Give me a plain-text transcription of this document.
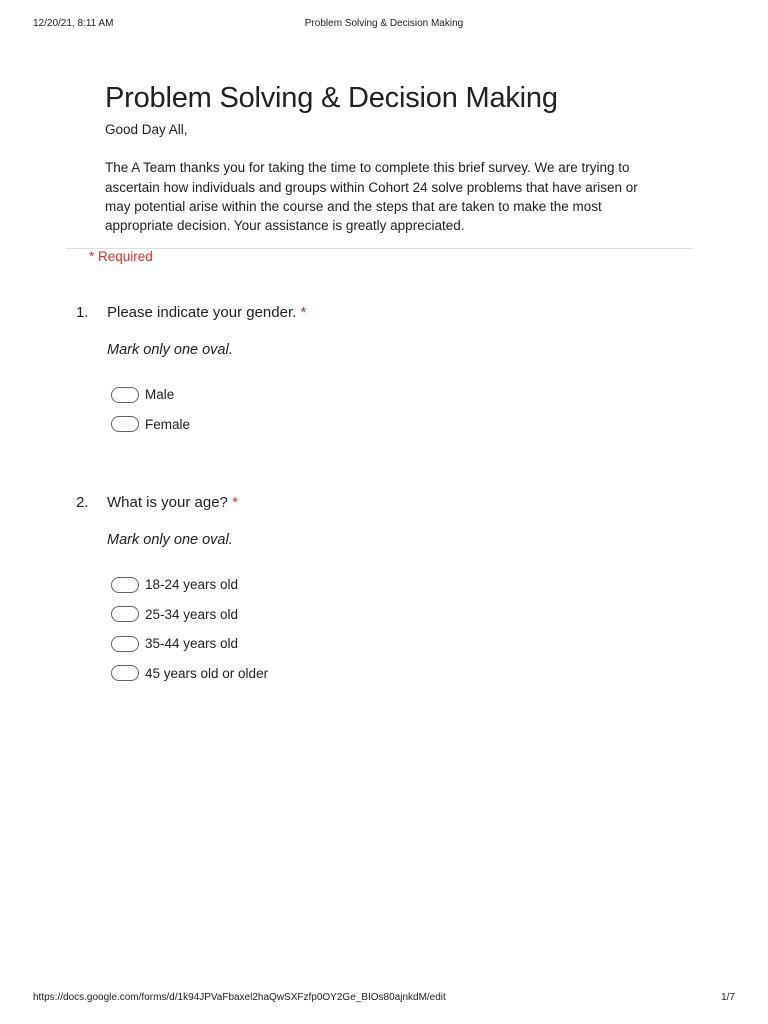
12/20/21, 8:11 AM	Problem Solving & Decision Making
Problem Solving & Decision Making

Good Day All,

The A Team thanks you for taking the time to complete this brief survey. We are trying to ascertain how individuals and groups within Cohort 24 solve problems that have arisen or may potential arise within the course and the steps that are taken to make the most appropriate decision. Your assistance is greatly appreciated.

* Required
1. Please indicate your gender. *
Mark only one oval.
Male
Female
2. What is your age? *
Mark only one oval.
18-24 years old
25-34 years old
35-44 years old
45 years old or older
https://docs.google.com/forms/d/1k94JPVaFbaxel2haQwSXFzfp0OY2Ge_BIOs80ajnkdM/edit	1/7
